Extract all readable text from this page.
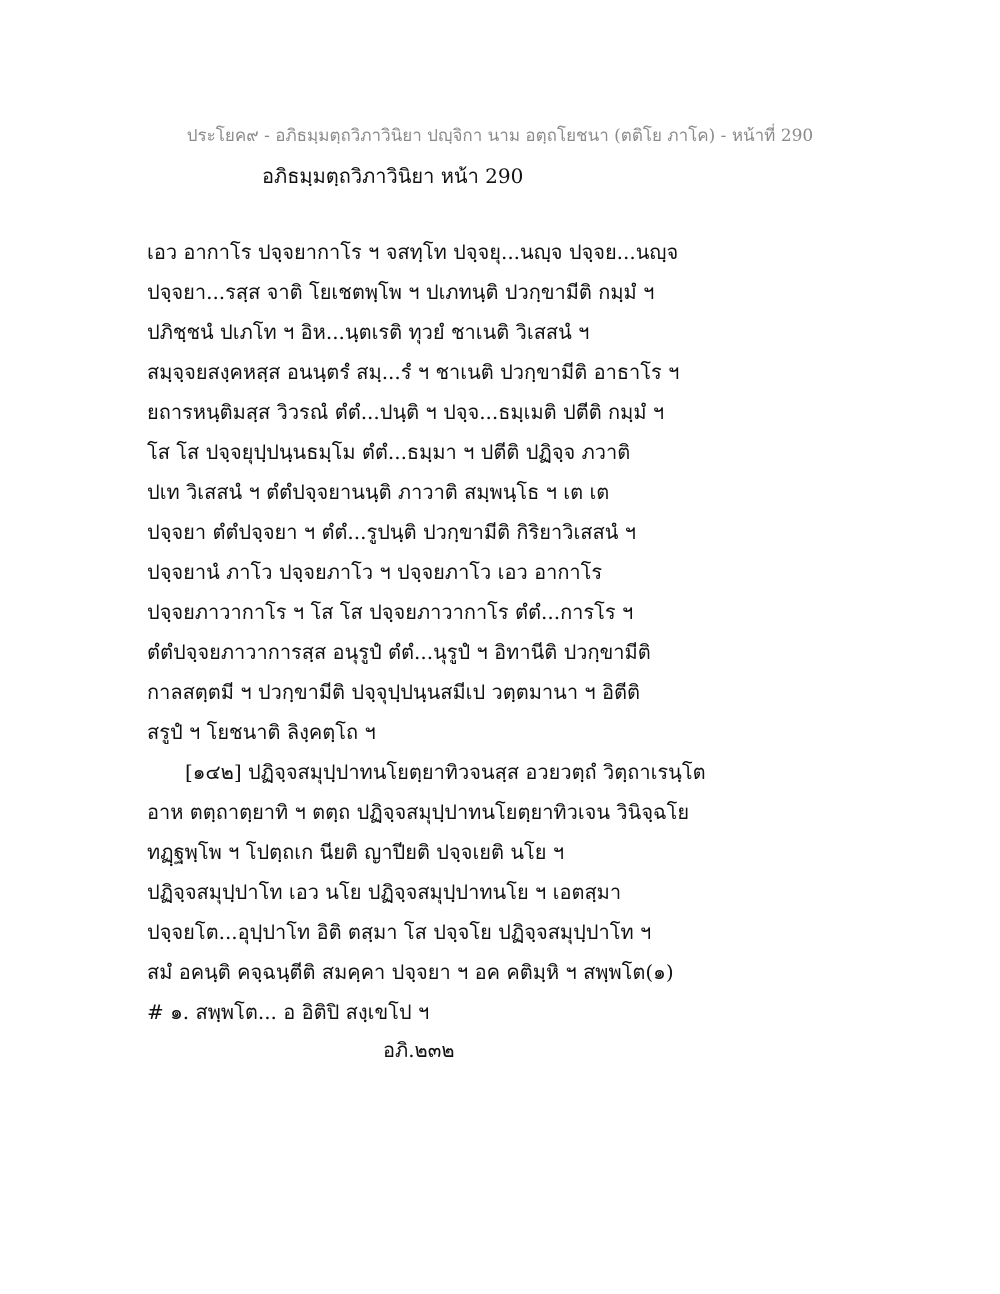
ประโยค๙ - อภิธมฺมตฺถวิภาวินิยา ปญฺจิกา นาม อตฺถโยชนา (ตติโย ภาโค) - หน้าที่ 290
อภิธมฺมตฺถวิภาวินิยา หน้า 290
เอว อากาโร ปจฺจยากาโร ฯ จสทฺโท ปจฺจยุ...นญฺจ ปจฺจย...นญฺจ
ปจฺจยา...รสฺส จาติ โยเชตพฺโพ ฯ ปเภทนฺติ ปวกฺขามีติ กมฺมํ ฯ
ปภิชฺชนํ ปเภโท ฯ อิห...นฺตเรติ ทุวยํ ชาเนติ วิเสสนํ ฯ
สมฺจฺจยสงฺคหสฺส อนนฺตรํ สมฺ...รํ ฯ ชาเนติ ปวกฺขามีติ อาธาโร ฯ
ยถารหนฺติมสฺส วิวรณํ ตํตํ...ปนฺติ ฯ ปจฺจ...ธมฺเมติ ปตีติ กมฺมํ ฯ
โส โส ปจฺจยุปฺปนฺนธมฺโม ตํตํ...ธมฺมา ฯ ปตีติ ปฏิจฺจ ภวาติ
ปเท วิเสสนํ ฯ ตํตํปจฺจยานนฺติ ภาวาติ สมฺพนฺโธ ฯ เต เต
ปจฺจยา ตํตํปจฺจยา ฯ ตํตํ...รูปนฺติ ปวกฺขามีติ กิริยาวิเสสนํ ฯ
ปจฺจยานํ ภาโว ปจฺจยภาโว ฯ ปจฺจยภาโว เอว อากาโร
ปจฺจยภาวากาโร ฯ โส โส ปจฺจยภาวากาโร ตํตํ...การโร ฯ
ตํตํปจฺจยภาวาการสฺส อนุรูปํ ตํตํ...นุรูปํ ฯ อิทานีติ ปวกฺขามีติ
กาลสตฺตมี ฯ ปวกฺขามีติ ปจฺจุปฺปนฺนสมีเป วตฺตมานา ฯ อิตีติ
สรูปํ ฯ โยชนาติ ลิงฺคตฺโถ ฯ
[๑๔๒] ปฏิจฺจสมุปฺปาทนโยตฺยาทิวจนสฺส อวยวตฺถํ วิตฺถาเรนฺโต
อาห ตตฺถาตฺยาทิ ฯ ตตฺถ ปฏิจฺจสมุปฺปาทนโยตฺยาทิวเจน วินิจฺฉโย
ทฏฺฐพฺโพ ฯ โปตฺถเก นียติ ญาปียติ ปจฺจเยติ นโย ฯ
ปฏิจฺจสมุปฺปาโท เอว นโย ปฏิจฺจสมุปฺปาทนโย ฯ เอตสฺมา
ปจฺจยโต...อุปฺปาโท อิติ ตสฺมา โส ปจฺจโย ปฏิจฺจสมุปฺปาโท ฯ
สมํ อคนฺติ คจฺฉนฺตีติ สมคฺคา ปจฺจยา ฯ อค คติมฺหิ ฯ สพฺพโต(๑)
# ๑. สพฺพโต... อ อิติปิ สงฺเขโป ฯ
อภิ.๒๓๒
